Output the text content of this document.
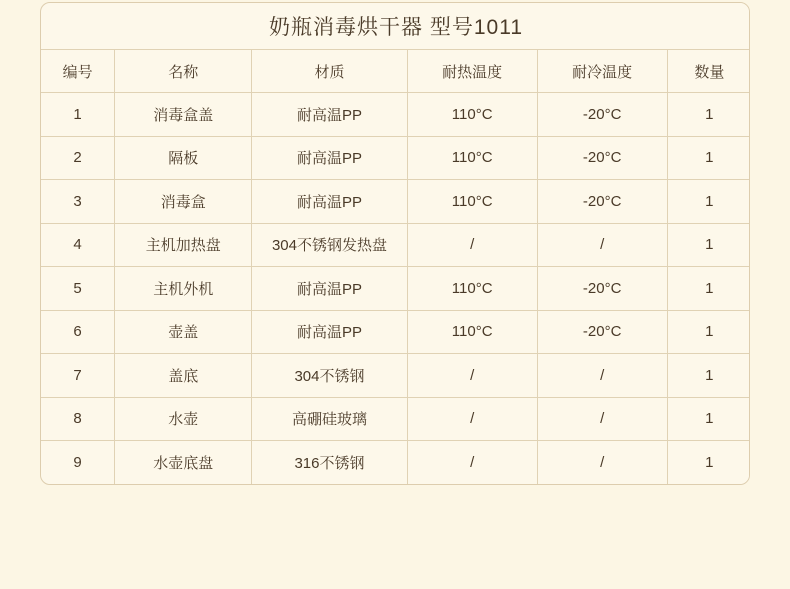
奶瓶消毒烘干器 型号1011					
编号	名称	材质	耐热温度	耐冷温度	数量
1	消毒盒盖	耐高温PP	110°C	-20°C	1
2	隔板	耐高温PP	110°C	-20°C	1
3	消毒盒	耐高温PP	110°C	-20°C	1
4	主机加热盘	304不锈钢发热盘	/	/	1
5	主机外机	耐高温PP	110°C	-20°C	1
6	壶盖	耐高温PP	110°C	-20°C	1
7	盖底	304不锈钢	/	/	1
8	水壶	高硼硅玻璃	/	/	1
9	水壶底盘	316不锈钢	/	/	1
